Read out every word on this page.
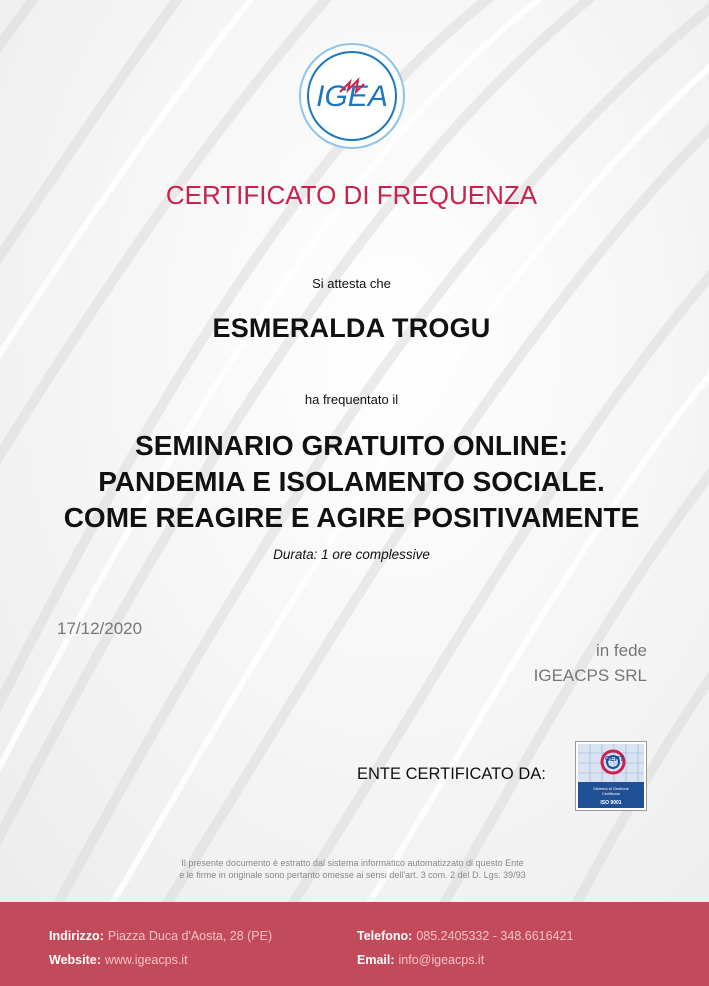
IGEA
CERTIFICATO DI FREQUENZA
Si attesta che
ESMERALDA TROGU
ha frequentato il
SEMINARIO GRATUITO ONLINE:
PANDEMIA E ISOLAMENTO SOCIALE.
COME REAGIRE E AGIRE POSITIVAMENTE
Durata: 1 ore complessive
17/12/2020
in fede
IGEACPS SRL
ENTE CERTIFICATO DA:
CERT
Sistema di Gestione
Certificato
ISO 9001
Il presente documento è estratto dal sistema informatico automatizzato di questo Ente
e le firme in originale sono pertanto omesse ai sensi dell'art. 3 com. 2 del D. Lgs. 39/93
Indirizzo: Piazza Duca d'Aosta, 28 (PE)	Telefono: 085.2405332 - 348.6616421
Website: www.igeacps.it	Email: info@igeacps.it
